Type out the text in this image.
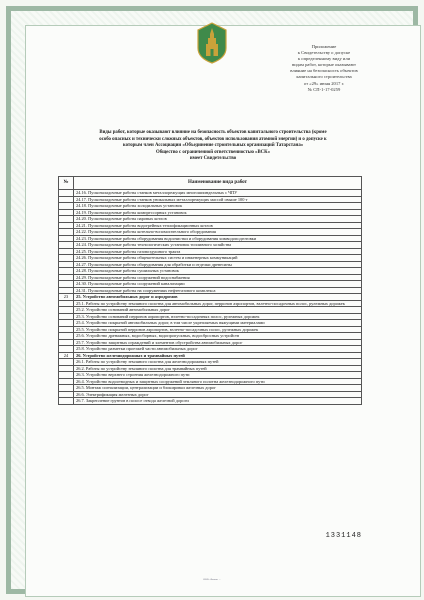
Приложение
к Свидетельству о допуске
к определенному виду или
видам работ, которые оказывают
влияние на безопасность объектов
капитального строительства
от «29» июня 2017 г.
№ СП-1-17-0259
Виды работ, которые оказывают влияние на безопасность объектов капитального строительства (кроме
особо опасных и технически сложных объектов, объектов использования атомной энергии) и о допуске к
которым член Ассоциации «Объединение строительных организаций Татарстана»
Общество с ограниченной ответственностью «ВСК»
имеет Свидетельство
№	Наименование вида работ
	24.16. Пусконаладочные работы станков металлорежущих многошпиндельных с ЧПУ
	24.17. Пусконаладочные работы станков уникальных металлорежущих массой свыше 100 т
	24.18. Пусконаладочные работы холодильных установок
	24.19. Пусконаладочные работы компрессорных установок
	24.20. Пусконаладочные работы паровых котлов
	24.21. Пусконаладочные работы водогрейных теплофикационных котлов
	24.22. Пусконаладочные работы котельно-вспомогательного оборудования
	24.23. Пусконаладочные работы оборудования водоочистки и оборудования химводоподготовки
	24.24. Пусконаладочные работы технологических установок топливного хозяйства
	24.25. Пусконаладочные работы газовоздушного тракта
	24.26. Пусконаладочные работы общекотельных систем и инженерных коммуникаций
	24.27. Пусконаладочные работы оборудования для обработки и отделки древесины
	24.28. Пусконаладочные работы сушильных установок
	24.29. Пусконаладочные работы сооружений водоснабжения
	24.30. Пусконаладочные работы сооружений канализации
	24.31. Пусконаладочные работы на сооружениях нефтегазового комплекса
23	25. Устройство автомобильных дорог и аэродромов
	25.1. Работы по устройству земляного полотна для автомобильных дорог, перронов аэропортов, взлетно-посадочных полос, рулежных дорожек
	25.2. Устройство оснований автомобильных дорог
	25.3. Устройство оснований перронов аэропортов, взлетно-посадочных полос, рулежных дорожек
	25.4. Устройство покрытий автомобильных дорог, в том числе укрепляемых вяжущими материалами
	25.5. Устройство покрытий перронов аэропортов, взлетно-посадочных полос, рулежных дорожек
	25.6. Устройство дренажных, водосборных, водопропускных, водосбросных устройств
	25.7. Устройство защитных ограждений и элементов обустройства автомобильных дорог
	25.8. Устройство разметки проезжей части автомобильных дорог
24	26. Устройство железнодорожных и трамвайных путей
	26.1. Работы по устройству земляного полотна для железнодорожных путей
	26.2. Работы по устройству земляного полотна для трамвайных путей
	26.3. Устройство верхнего строения железнодорожного пути
	26.4. Устройство водоотводных и защитных сооружений земляного полотна железнодорожного пути
	26.5. Монтаж сигнализации, централизации и блокировки железных дорог
	26.6. Электрификация железных дорог
	26.7. Закрепление грунтов в полосе отвода железной дороги
1331148
ООО «Бланк» ...
